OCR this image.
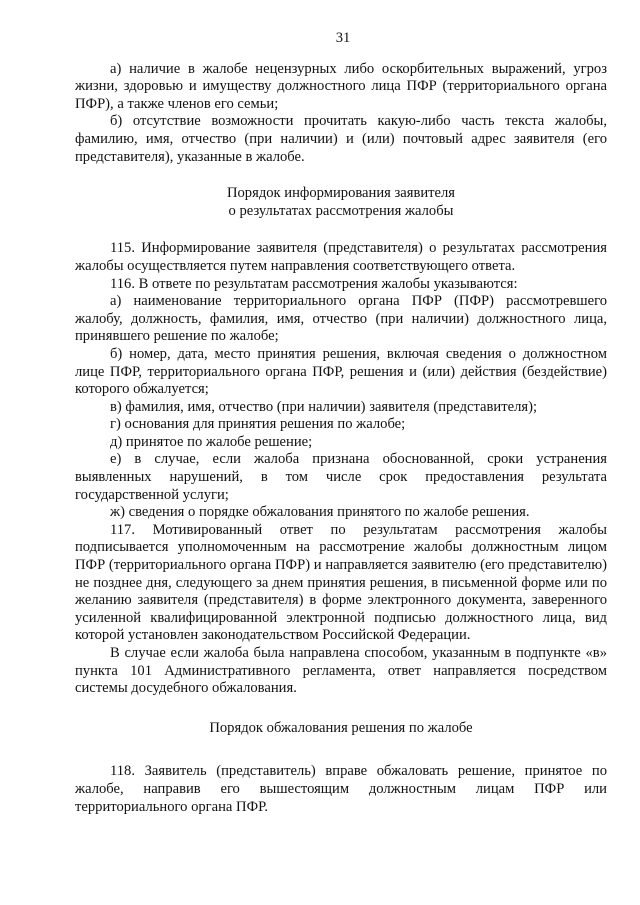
31

а) наличие в жалобе нецензурных либо оскорбительных выражений, угроз жизни, здоровью и имуществу должностного лица ПФР (территориального органа ПФР), а также членов его семьи;

б) отсутствие возможности прочитать какую-либо часть текста жалобы, фамилию, имя, отчество (при наличии) и (или) почтовый адрес заявителя (его представителя), указанные в жалобе.

Порядок информирования заявителя

о результатах рассмотрения жалобы

115. Информирование заявителя (представителя) о результатах рассмотрения жалобы осуществляется путем направления соответствующего ответа.

116. В ответе по результатам рассмотрения жалобы указываются:

а) наименование территориального органа ПФР (ПФР) рассмотревшего жалобу, должность, фамилия, имя, отчество (при наличии) должностного лица, принявшего решение по жалобе;

б) номер, дата, место принятия решения, включая сведения о должностном лице ПФР, территориального органа ПФР, решения и (или) действия (бездействие) которого обжалуется;

в) фамилия, имя, отчество (при наличии) заявителя (представителя);

г) основания для принятия решения по жалобе;

д) принятое по жалобе решение;

е) в случае, если жалоба признана обоснованной, сроки устранения выявленных нарушений, в том числе срок предоставления результата государственной услуги;

ж) сведения о порядке обжалования принятого по жалобе решения.

117. Мотивированный ответ по результатам рассмотрения жалобы подписывается уполномоченным на рассмотрение жалобы должностным лицом ПФР (территориального органа ПФР) и направляется заявителю (его представителю) не позднее дня, следующего за днем принятия решения, в письменной форме или по желанию заявителя (представителя) в форме электронного документа, заверенного усиленной квалифицированной электронной подписью должностного лица, вид которой установлен законодательством Российской Федерации.

В случае если жалоба была направлена способом, указанным в подпункте «в» пункта 101 Административного регламента, ответ направляется посредством системы досудебного обжалования.

Порядок обжалования решения по жалобе

118. Заявитель (представитель) вправе обжаловать решение, принятое по жалобе, направив его вышестоящим должностным лицам ПФР или территориального органа ПФР.
